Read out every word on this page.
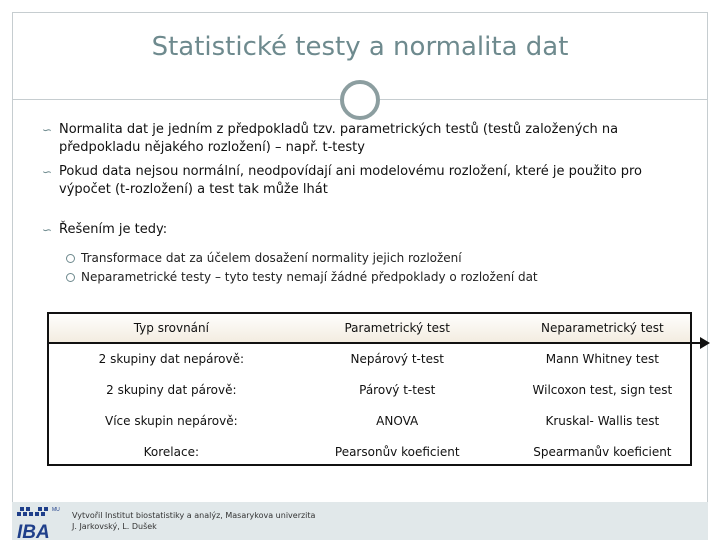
Statistické testy a normalita dat
∽ Normalita dat je jedním z předpokladů tzv. parametrických testů (testů založených na předpokladu nějakého rozložení) – např. t-testy
∽ Pokud data nejsou normální, neodpovídají ani modelovému rozložení, které je použito pro výpočet (t-rozložení) a test tak může lhát
∽ Řešením je tedy:
Transformace dat za účelem dosažení normality jejich rozložení
Neparametrické testy – tyto testy nemají žádné předpoklady o rozložení dat
Typ srovnání	Parametrický test	Neparametrický test
2 skupiny dat nepárově:	Nepárový t-test	Mann Whitney test
2 skupiny dat párově:	Párový t-test	Wilcoxon test, sign test
Více skupin nepárově:	ANOVA	Kruskal- Wallis test
Korelace:	Pearsonův koeficient	Spearmanův koeficient
MU
IBA
Vytvořil Institut biostatistiky a analýz, Masarykova univerzita
J. Jarkovský, L. Dušek
